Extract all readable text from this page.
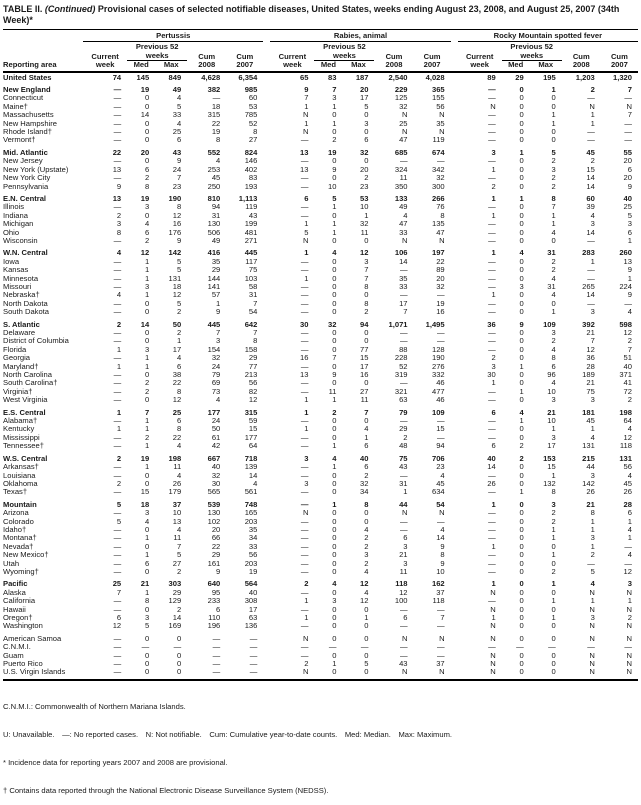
TABLE II. (Continued) Provisional cases of selected notifiable diseases, United States, weeks ending August 23, 2008, and August 25, 2007 (34th Week)*
Reporting area	Pertussis						Rabies, animal						Rocky Mountain spotted fever				
	Current week	Previous 52 weeks		Cum 2008	Cum 2007		Current week	Previous 52 weeks		Cum 2008	Cum 2007		Current week	Previous 52 weeks		Cum 2008	Cum 2007
		Med	Max					Med	Max					Med	Max		
United States	74	145	849	4,628	6,354		65	83	187	2,540	4,028		89	29	195	1,203	1,320
New England	—	19	49	382	985		9	7	20	229	365		—	0	1	2	7
Connecticut	—	0	4	—	60		7	3	17	125	155		—	0	0	—	—
Maine†	—	0	5	18	53		1	1	5	32	56		N	0	0	N	N
Massachusetts	—	14	33	315	785		N	0	0	N	N		—	0	1	1	7
New Hampshire	—	0	4	22	52		1	1	3	25	35		—	0	1	1	—
Rhode Island†	—	0	25	19	8		N	0	0	N	N		—	0	0	—	—
Vermont†	—	0	6	8	27		—	2	6	47	119		—	0	0	—	—
Mid. Atlantic	22	20	43	552	824		13	19	32	685	674		3	1	5	45	55
New Jersey	—	0	9	4	146		—	0	0	—	—		—	0	2	2	20
New York (Upstate)	13	6	24	253	402		13	9	20	324	342		1	0	3	15	6
New York City	—	2	7	45	83		—	0	2	11	32		—	0	2	14	20
Pennsylvania	9	8	23	250	193		—	10	23	350	300		2	0	2	14	9
E.N. Central	13	19	190	810	1,113		6	5	53	133	266		1	1	8	60	40
Illinois	—	3	8	94	119		—	1	10	49	76		—	0	7	39	25
Indiana	2	0	12	31	43		—	0	1	4	8		1	0	1	4	5
Michigan	3	4	16	130	199		1	1	32	47	135		—	0	1	3	3
Ohio	8	6	176	506	481		5	1	11	33	47		—	0	4	14	6
Wisconsin	—	2	9	49	271		N	0	0	N	N		—	0	0	—	1
W.N. Central	4	12	142	416	445		1	4	12	106	197		1	4	31	283	260
Iowa	—	1	5	35	117		—	0	3	14	22		—	0	2	1	13
Kansas	—	1	5	29	75		—	0	7	—	89		—	0	2	—	9
Minnesota	—	1	131	144	103		1	0	7	35	20		—	0	4	—	1
Missouri	—	3	18	141	58		—	0	8	33	32		—	3	31	265	224
Nebraska†	4	1	12	57	31		—	0	0	—	—		1	0	4	14	9
North Dakota	—	0	5	1	7		—	0	8	17	19		—	0	0	—	—
South Dakota	—	0	2	9	54		—	0	2	7	16		—	0	1	3	4
S. Atlantic	2	14	50	445	642		30	32	94	1,071	1,495		36	9	109	392	598
Delaware	—	0	2	7	7		—	0	0	—	—		—	0	3	21	12
District of Columbia	—	0	1	3	8		—	0	0	—	—		—	0	2	7	2
Florida	1	3	17	154	158		—	0	77	88	128		—	0	4	12	7
Georgia	—	1	4	32	29		16	7	15	228	190		2	0	8	36	51
Maryland†	1	1	6	24	77		—	0	17	52	276		3	1	6	28	40
North Carolina	—	0	38	79	213		13	9	16	319	332		30	0	96	189	371
South Carolina†	—	2	22	69	56		—	0	0	—	46		1	0	4	21	41
Virginia†	—	2	8	73	82		—	11	27	321	477		—	1	10	75	72
West Virginia	—	0	12	4	12		1	1	11	63	46		—	0	3	3	2
E.S. Central	1	7	25	177	315		1	2	7	79	109		6	4	21	181	198
Alabama†	—	1	6	24	59		—	0	0	—	—		—	1	10	45	64
Kentucky	1	1	8	50	15		1	0	4	29	15		—	0	1	1	4
Mississippi	—	2	22	61	177		—	0	1	2	—		—	0	3	4	12
Tennessee†	—	1	4	42	64		—	1	6	48	94		6	2	17	131	118
W.S. Central	2	19	198	667	718		3	4	40	75	706		40	2	153	215	131
Arkansas†	—	1	11	40	139		—	1	6	43	23		14	0	15	44	56
Louisiana	—	0	4	32	14		—	0	2	—	4		—	0	1	3	4
Oklahoma	2	0	26	30	4		3	0	32	31	45		26	0	132	142	45
Texas†	—	15	179	565	561		—	0	34	1	634		—	1	8	26	26
Mountain	5	18	37	539	748		—	1	8	44	54		1	0	3	21	28
Arizona	—	3	10	130	165		N	0	0	N	N		—	0	2	8	6
Colorado	5	4	13	102	203		—	0	0	—	—		—	0	2	1	1
Idaho†	—	0	4	20	35		—	0	4	—	4		—	0	1	1	4
Montana†	—	1	11	66	34		—	0	2	6	14		—	0	1	3	1
Nevada†	—	0	7	22	33		—	0	2	3	9		1	0	0	1	—
New Mexico†	—	1	5	29	56		—	0	3	21	8		—	0	1	2	4
Utah	—	6	27	161	203		—	0	2	3	9		—	0	0	—	—
Wyoming†	—	0	2	9	19		—	0	4	11	10		—	0	2	5	12
Pacific	25	21	303	640	564		2	4	12	118	162		1	0	1	4	3
Alaska	7	1	29	95	40		—	0	4	12	37		N	0	0	N	N
California	—	8	129	233	308		1	3	12	100	118		—	0	1	1	1
Hawaii	—	0	2	6	17		—	0	0	—	—		N	0	0	N	N
Oregon†	6	3	14	110	63		1	0	1	6	7		1	0	1	3	2
Washington	12	5	169	196	136		—	0	0	—	—		N	0	0	N	N
American Samoa	—	0	0	—	—		N	0	0	N	N		N	0	0	N	N
C.N.M.I.	—	—	—	—	—		—	—	—	—	—		—	—	—	—	—
Guam	—	0	0	—	—		—	0	0	—	—		N	0	0	N	N
Puerto Rico	—	0	0	—	—		2	1	5	43	37		N	0	0	N	N
U.S. Virgin Islands	—	0	0	—	—		N	0	0	N	N		N	0	0	N	N

C.N.M.I.: Commonwealth of Northern Mariana Islands.

U: Unavailable. —: No reported cases. N: Not notifiable. Cum: Cumulative year-to-date counts. Med: Median. Max: Maximum.

* Incidence data for reporting years 2007 and 2008 are provisional.

† Contains data reported through the National Electronic Disease Surveillance System (NEDSS).
